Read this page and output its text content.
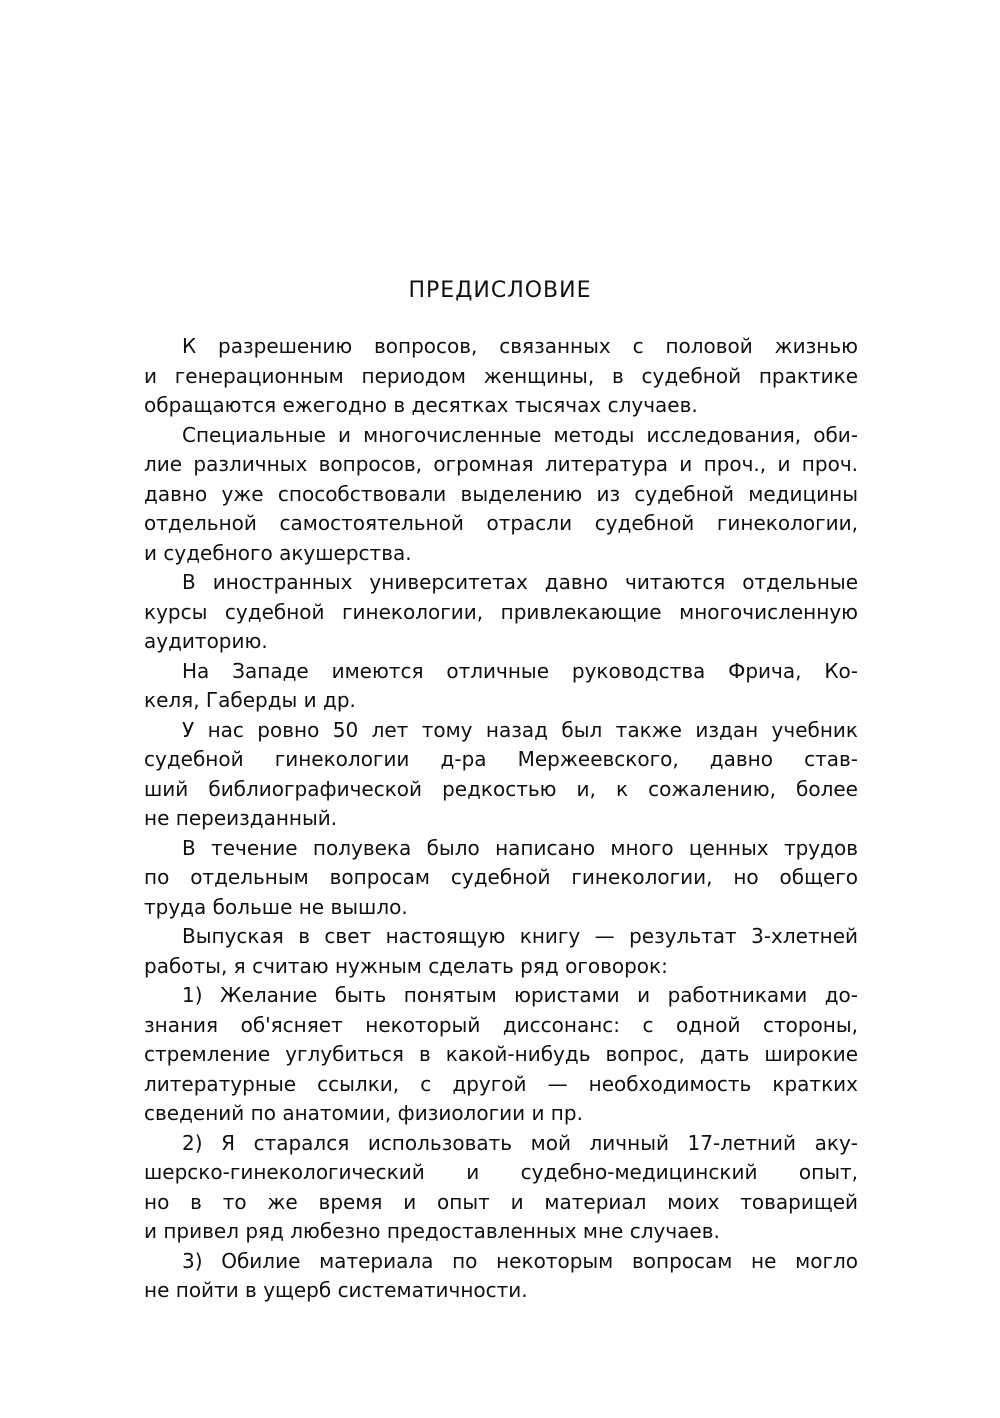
ПРЕДИСЛОВИЕ
К разрешению вопросов, связанных с половой жизнью
и генерационным периодом женщины, в судебной практике
обращаются ежегодно в десятках тысячах случаев.
Специальные и многочисленные методы исследования, оби-
лие различных вопросов, огромная литература и проч., и проч.
давно уже способствовали выделению из судебной медицины
отдельной самостоятельной отрасли судебной гинекологии,
и судебного акушерства.
В иностранных университетах давно читаются отдельные
курсы судебной гинекологии, привлекающие многочисленную
аудиторию.
На Западе имеются отличные руководства Фрича, Ко-
келя, Габерды и др.
У нас ровно 50 лет тому назад был также издан учебник
судебной гинекологии д-ра Мержеевского, давно став-
ший библиографической редкостью и, к сожалению, более
не переизданный.
В течение полувека было написано много ценных трудов
по отдельным вопросам судебной гинекологии, но общего
труда больше не вышло.
Выпуская в свет настоящую книгу — результат 3-хлетней
работы, я считаю нужным сделать ряд оговорок:
1) Желание быть понятым юристами и работниками до-
знания об'ясняет некоторый диссонанс: с одной стороны,
стремление углубиться в какой-нибудь вопрос, дать широкие
литературные ссылки, с другой — необходимость кратких
сведений по анатомии, физиологии и пр.
2) Я старался использовать мой личный 17-летний аку-
шерско-гинекологический и судебно-медицинский опыт,
но в то же время и опыт и материал моих товарищей
и привел ряд любезно предоставленных мне случаев.
3) Обилие материала по некоторым вопросам не могло
не пойти в ущерб систематичности.
